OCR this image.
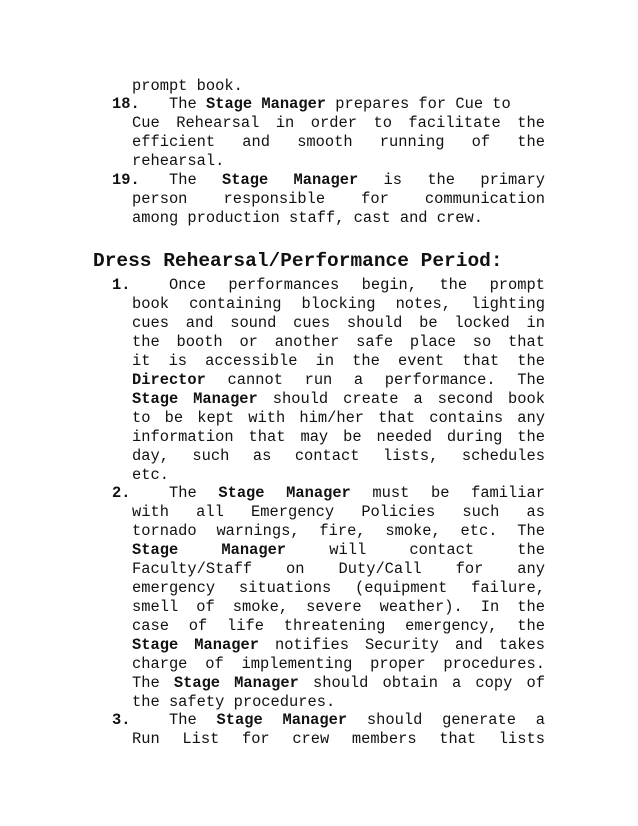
prompt book.
18. The Stage Manager prepares for Cue to
Cue Rehearsal in order to facilitate the
efficient and smooth running of the
rehearsal.
19. The Stage Manager is the primary
person responsible for communication
among production staff, cast and crew.
Dress Rehearsal/Performance Period:
1.	Once performances begin, the prompt
book containing blocking notes, lighting
cues and sound cues should be locked in
the booth or another safe place so that
it is accessible in the event that the
Director cannot run a performance. The
Stage Manager should create a second book
to be kept with him/her that contains any
information that may be needed during the
day, such as contact lists, schedules
etc.
2.	The Stage Manager must be familiar
with all Emergency Policies such as
tornado warnings, fire, smoke, etc. The
Stage Manager	will contact the
Faculty/Staff on Duty/Call for any
emergency situations (equipment failure,
smell of smoke, severe weather). In the
case of life threatening emergency, the
Stage Manager notifies Security and takes
charge of implementing proper procedures.
The Stage Manager should obtain a copy of
the safety procedures.
3.	The Stage Manager should generate a
Run List for crew members that lists
